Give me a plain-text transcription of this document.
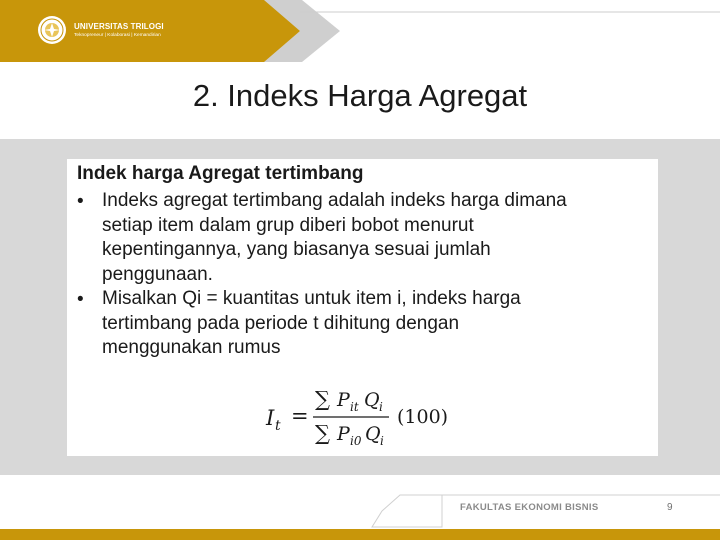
UNIVERSITAS TRILOGI
Teknopreneur | Kolaborasi | Kemandirian
2. Indeks Harga Agregat
Indek harga Agregat tertimbang
• Indeks agregat tertimbang adalah indeks harga dimana
setiap item dalam grup diberi bobot menurut
kepentingannya, yang biasanya sesuai jumlah
penggunaan.
• Misalkan Qi = kuantitas untuk item i, indeks harga
tertimbang pada periode t dihitung dengan
menggunakan rumus
I t =
∑ P it Q i
∑ P i0 Q i
(100)
FAKULTAS EKONOMI BISNIS	9
